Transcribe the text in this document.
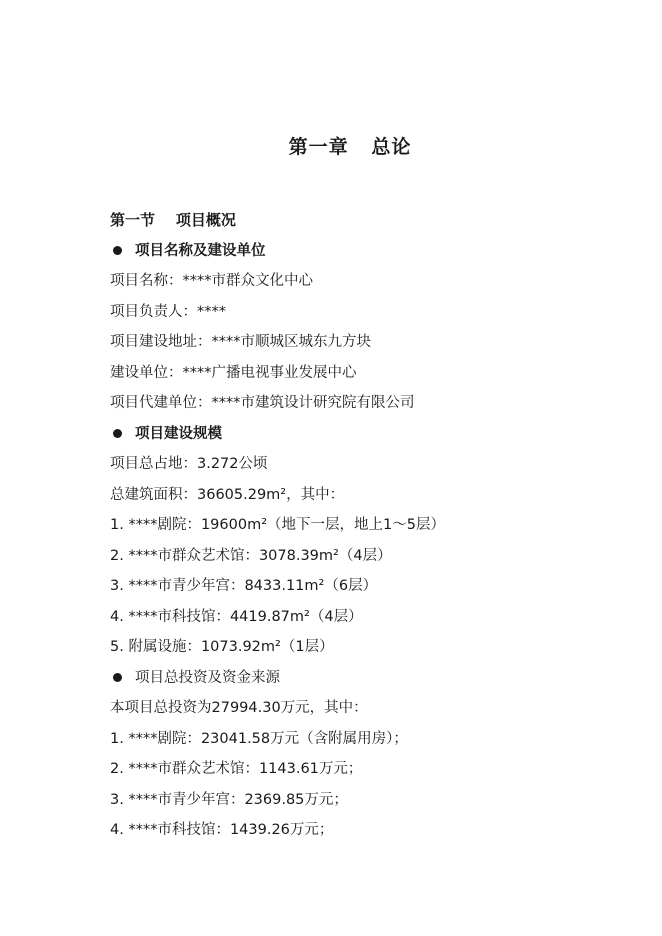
第一章   总论
第一节    项目概况
项目名称及建设单位
项目名称：****市群众文化中心
项目负责人：****
项目建设地址：****市顺城区城东九方块
建设单位：****广播电视事业发展中心
项目代建单位：****市建筑设计研究院有限公司
项目建设规模
项目总占地：3.272公顷
总建筑面积：36605.29m²，其中：
1. ****剧院：19600m²（地下一层，地上1～5层）
2. ****市群众艺术馆：3078.39m²（4层）
3. ****市青少年宫：8433.11m²（6层）
4. ****市科技馆：4419.87m²（4层）
5. 附属设施：1073.92m²（1层）
项目总投资及资金来源
本项目总投资为27994.30万元，其中：
1. ****剧院：23041.58万元（含附属用房）；
2. ****市群众艺术馆：1143.61万元；
3. ****市青少年宫：2369.85万元；
4. ****市科技馆：1439.26万元；
